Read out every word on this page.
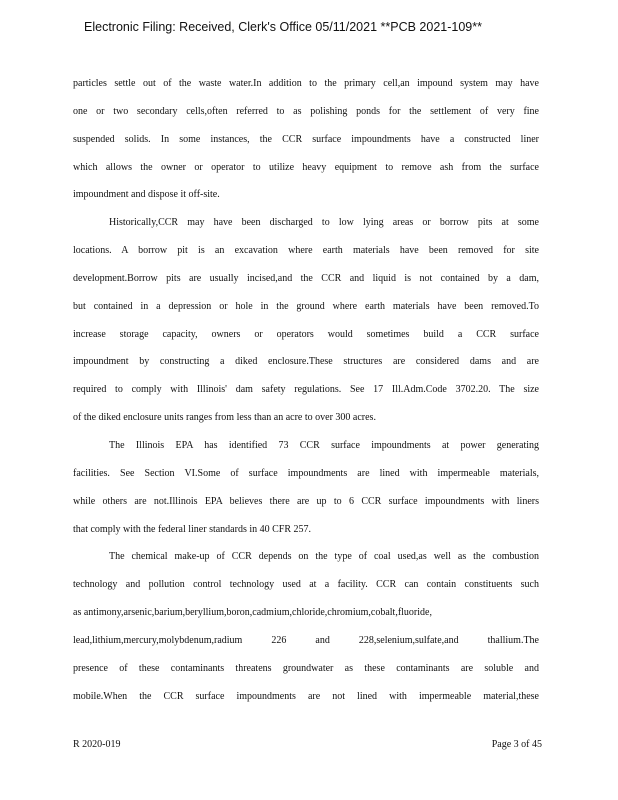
Electronic Filing: Received, Clerk's Office 05/11/2021 **PCB 2021-109**
particles settle out of the waste water.In addition to the primary cell,an impound system may have
one or two secondary cells,often referred to as polishing ponds for the settlement of very fine
suspended solids. In some instances, the CCR surface impoundments have a constructed liner
which allows the owner or operator to utilize heavy equipment to remove ash from the surface
impoundment and dispose it off-site.
Historically,CCR may have been discharged to low lying areas or borrow pits at some
locations. A borrow pit is an excavation where earth materials have been removed for site
development.Borrow pits are usually incised,and the CCR and liquid is not contained by a dam,
but contained in a depression or hole in the ground where earth materials have been removed.To
increase storage capacity, owners or operators would sometimes build a CCR surface
impoundment by constructing a diked enclosure.These structures are considered dams and are
required to comply with Illinois' dam safety regulations. See 17 Ill.Adm.Code 3702.20. The size
of the diked enclosure units ranges from less than an acre to over 300 acres.
The Illinois EPA has identified 73 CCR surface impoundments at power generating
facilities. See Section VI.Some of surface impoundments are lined with impermeable materials,
while others are not.Illinois EPA believes there are up to 6 CCR surface impoundments with liners
that comply with the federal liner standards in 40 CFR 257.
The chemical make-up of CCR depends on the type of coal used,as well as the combustion
technology and pollution control technology used at a facility. CCR can contain constituents such
as antimony,arsenic,barium,beryllium,boron,cadmium,chloride,chromium,cobalt,fluoride,
lead,lithium,mercury,molybdenum,radium 226 and 228,selenium,sulfate,and thallium.The
presence of these contaminants threatens groundwater as these contaminants are soluble and
mobile.When the CCR surface impoundments are not lined with impermeable material,these
R 2020-019	Page 3 of 45
